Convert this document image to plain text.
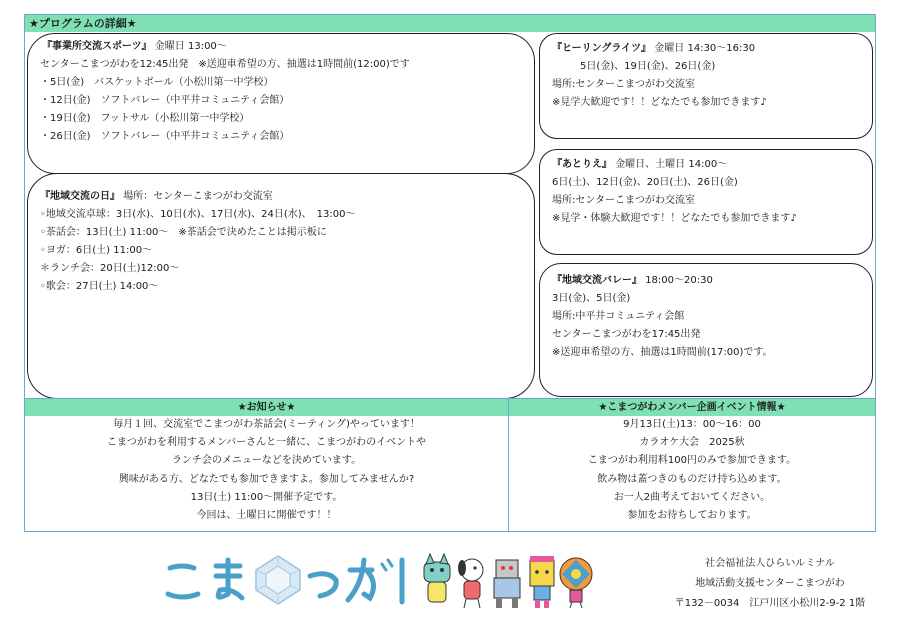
★プログラムの詳細★
『事業所交流スポーツ』 金曜日 13:00～
センターこまつがわを12:45出発　※送迎車希望の方、抽選は1時間前(12:00)です
・5日(金)　バスケットボール（小松川第一中学校）
・12日(金)　ソフトバレー（中平井コミュニティ会館）
・19日(金)　フットサル（小松川第一中学校）
・26日(金)　ソフトバレー（中平井コミュニティ会館）
『地域交流の日』 場所：センターこまつがわ交流室
◦地域交流卓球：3日(水)、10日(水)、17日(水)、24日(水)、　13:00～
◦茶話会：13日(土) 11:00～　※茶話会で決めたことは掲示板に
◦ヨガ：6日(土) 11:00～
＊ランチ会：20日(土)12:00～
◦歌会：27日(土) 14:00～
『ヒーリングライツ』 金曜日 14:30～16:30
5日(金)、19日(金)、26日(金)
場所:センターこまつがわ交流室
※見学大歓迎です！！どなたでも参加できます♪
『あとりえ』 金曜日、土曜日 14:00～
6日(土)、12日(金)、20日(土)、26日(金)
場所:センターこまつがわ交流室
※見学・体験大歓迎です！！どなたでも参加できます♪
『地域交流バレー』 18:00～20:30
3日(金)、5日(金)
場所:中平井コミュニティ会館
センターこまつがわを17:45出発
※送迎車希望の方、抽選は1時間前(17:00)です。
★お知らせ★
毎月１回、交流室でこまつがわ茶話会(ミーティング)やっています！
こまつがわを利用するメンバーさんと一緒に、こまつがわのイベントや
ランチ会のメニューなどを決めています。
興味がある方、どなたでも参加できますよ。参加してみませんか?
13日(土) 11:00～開催予定です。
今回は、土曜日に開催です！！
★こまつがわメンバー企画イベント情報★
9月13日(土)13：00～16：00
カラオケ大会　2025秋
こまつがわ利用料100円のみで参加できます。
飲み物は蓋つきのものだけ持ち込めます。
お一人2曲考えておいてください。
参加をお待ちしております。
社会福祉法人ひらいルミナル
地域活動支援センターこまつがわ
〒132－0034　江戸川区小松川2-9-2 1階
